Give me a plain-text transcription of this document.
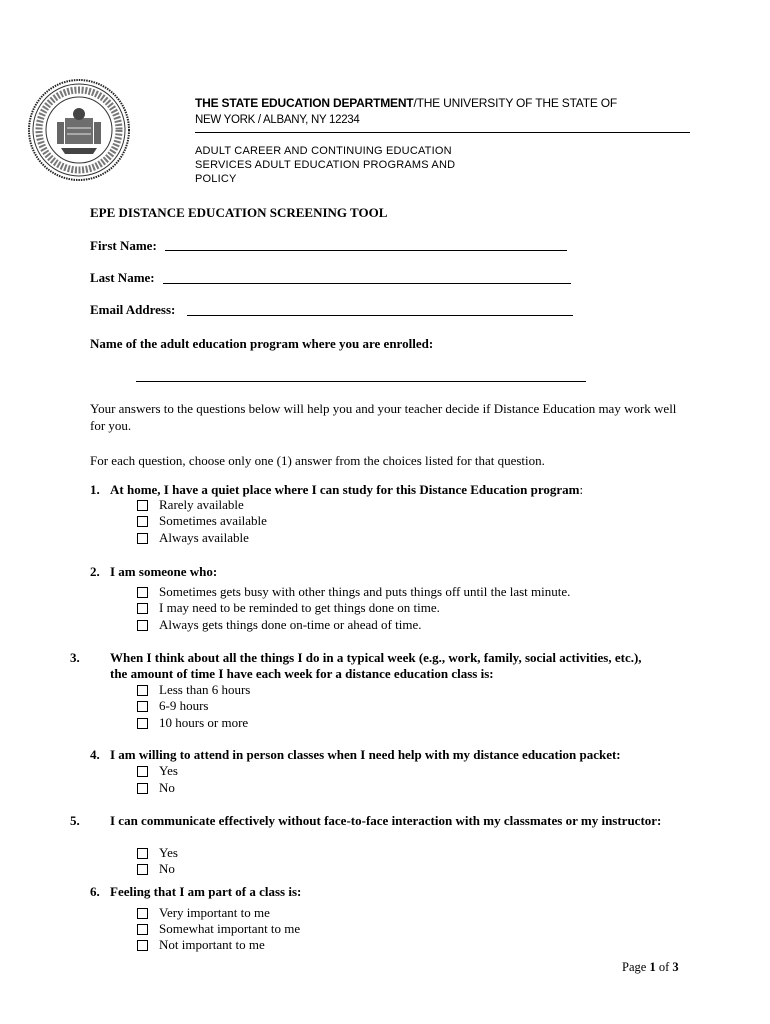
THE STATE EDUCATION DEPARTMENT/THE UNIVERSITY OF THE STATE OF
NEW YORK / ALBANY, NY 12234
ADULT CAREER AND CONTINUING EDUCATION
SERVICES ADULT EDUCATION PROGRAMS AND
POLICY
EPE DISTANCE EDUCATION SCREENING TOOL
First Name:
Last Name:
Email Address:
Name of the adult education program where you are enrolled:
Your answers to the questions below will help you and your teacher decide if Distance Education may work well for you.
For each question, choose only one (1) answer from the choices listed for that question.
1. At home, I have a quiet place where I can study for this Distance Education program:
Rarely available
Sometimes available
Always available
2. I am someone who:
Sometimes gets busy with other things and puts things off until the last minute.
I may need to be reminded to get things done on time.
Always gets things done on-time or ahead of time.
3. When I think about all the things I do in a typical week (e.g., work, family, social activities, etc.), the amount of time I have each week for a distance education class is:
Less than 6 hours
6-9 hours
10 hours or more
4. I am willing to attend in person classes when I need help with my distance education packet:
Yes
No
5. I can communicate effectively without face-to-face interaction with my classmates or my instructor:
Yes
No
6. Feeling that I am part of a class is:
Very important to me
Somewhat important to me
Not important to me
Page 1 of 3
